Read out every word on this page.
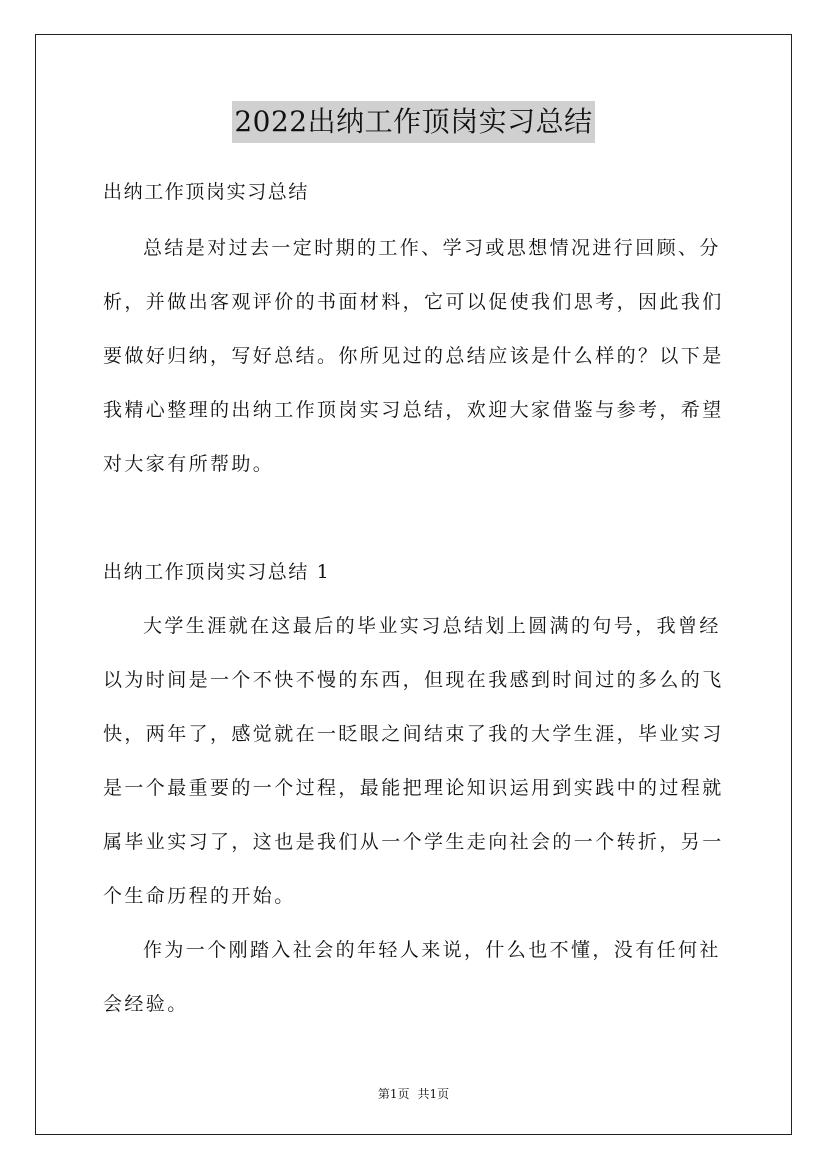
2022出纳工作顶岗实习总结

出纳工作顶岗实习总结

总结是对过去一定时期的工作、学习或思想情况进行回顾、分析，并做出客观评价的书面材料，它可以促使我们思考，因此我们要做好归纳，写好总结。你所见过的总结应该是什么样的？以下是我精心整理的出纳工作顶岗实习总结，欢迎大家借鉴与参考，希望对大家有所帮助。

出纳工作顶岗实习总结 1

大学生涯就在这最后的毕业实习总结划上圆满的句号，我曾经以为时间是一个不快不慢的东西，但现在我感到时间过的多么的飞快，两年了，感觉就在一眨眼之间结束了我的大学生涯，毕业实习是一个最重要的一个过程，最能把理论知识运用到实践中的过程就属毕业实习了，这也是我们从一个学生走向社会的一个转折，另一个生命历程的开始。

作为一个刚踏入社会的年轻人来说，什么也不懂，没有任何社会经验。

第1页 共1页
